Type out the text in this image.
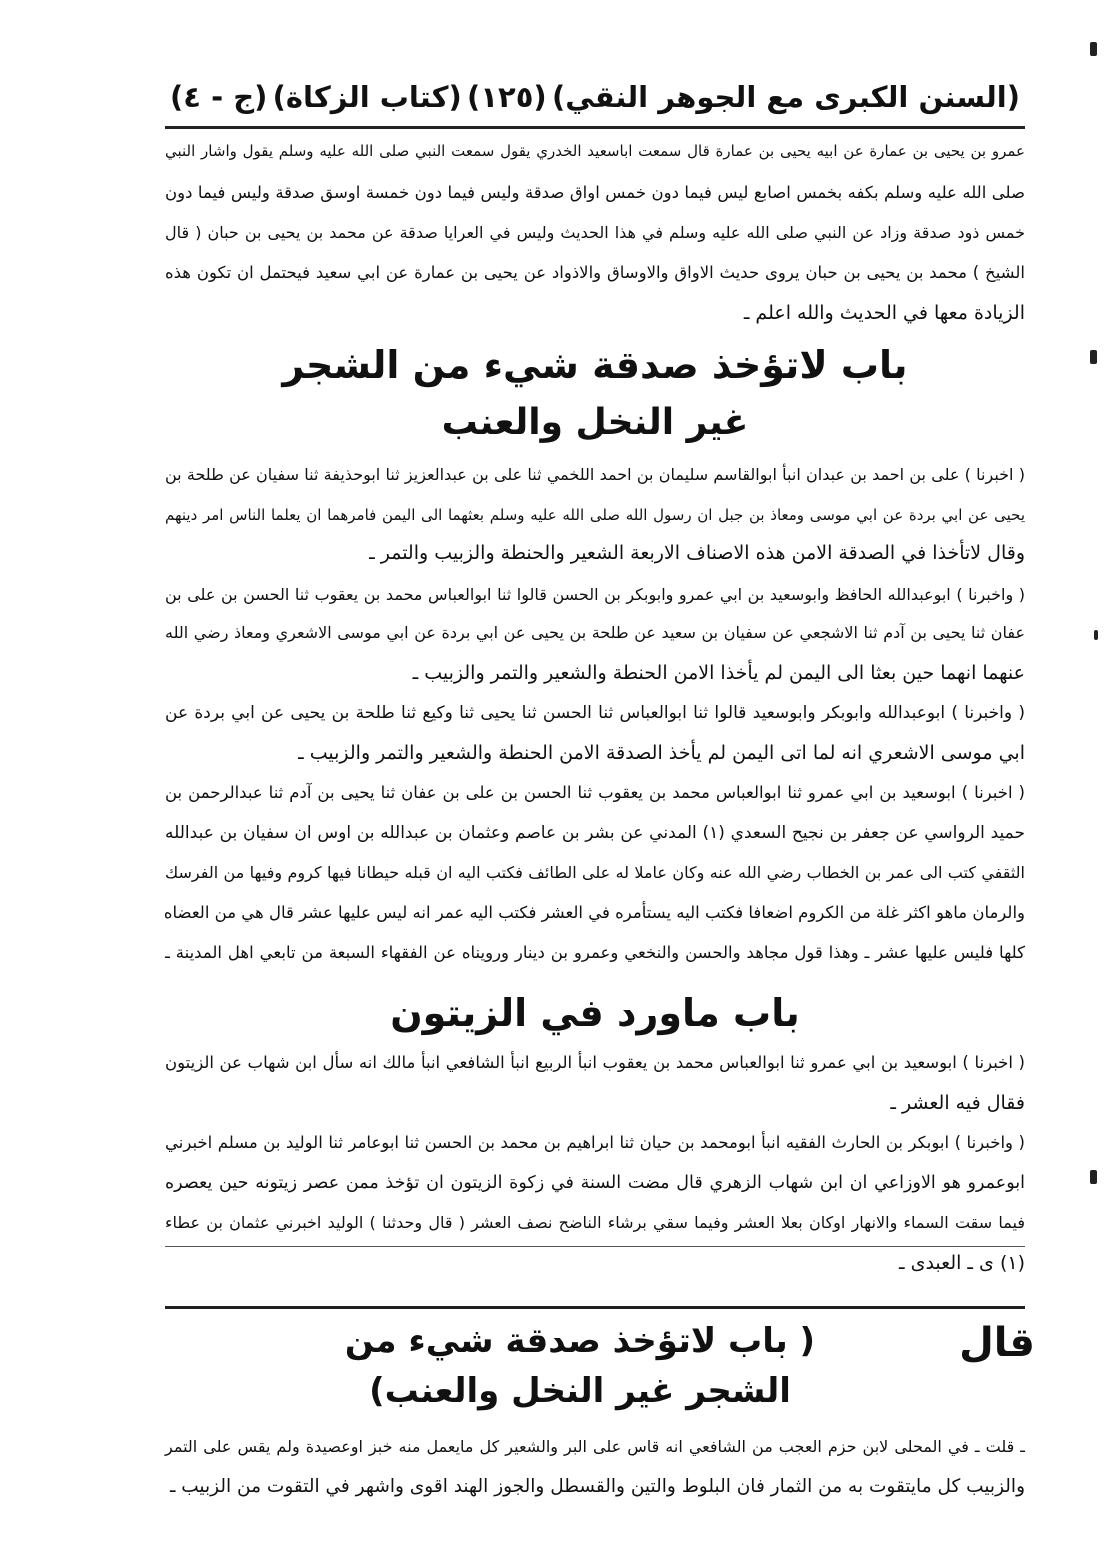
(السنن الكبرى مع الجوهر النقي)
(١٢٥)
(كتاب الزكاة)
(ج - ٤)
عمرو بن يحيى بن عمارة عن ابيه يحيى بن عمارة قال سمعت اباسعيد الخدري يقول سمعت النبي صلى الله عليه وسلم يقول واشار النبي
صلى الله عليه وسلم بكفه بخمس اصابع ليس فيما دون خمس اواق صدقة وليس فيما دون خمسة اوسق صدقة وليس فيما دون
خمس ذود صدقة وزاد عن النبي صلى الله عليه وسلم في هذا الحديث وليس في العرايا صدقة عن محمد بن يحيى بن حبان ( قال
الشيخ ) محمد بن يحيى بن حبان يروى حديث الاواق والاوساق والاذواد عن يحيى بن عمارة عن ابي سعيد فيحتمل ان تكون هذه
الزيادة معها في الحديث والله اعلم ـ
باب لاتؤخذ صدقة شيء من الشجر
غير النخل والعنب
( اخبرنا ) على بن احمد بن عبدان انبأ ابوالقاسم سليمان بن احمد اللخمي ثنا على بن عبدالعزيز ثنا ابوحذيفة ثنا سفيان عن طلحة بن
يحيى عن ابي بردة عن ابي موسى ومعاذ بن جبل ان رسول الله صلى الله عليه وسلم بعثهما الى اليمن فامرهما ان يعلما الناس امر دينهم
وقال لاتأخذا في الصدقة الامن هذه الاصناف الاربعة الشعير والحنطة والزبيب والتمر ـ
( واخبرنا ) ابوعبدالله الحافظ وابوسعيد بن ابي عمرو وابوبكر بن الحسن قالوا ثنا ابوالعباس محمد بن يعقوب ثنا الحسن بن على بن
عفان ثنا يحيى بن آدم ثنا الاشجعي عن سفيان بن سعيد عن طلحة بن يحيى عن ابي بردة عن ابي موسى الاشعري ومعاذ رضي الله
عنهما انهما حين بعثا الى اليمن لم يأخذا الامن الحنطة والشعير والتمر والزبيب ـ
( واخبرنا ) ابوعبدالله وابوبكر وابوسعيد قالوا ثنا ابوالعباس ثنا الحسن ثنا يحيى ثنا وكيع ثنا طلحة بن يحيى عن ابي بردة عن
ابي موسى الاشعري انه لما اتى اليمن لم يأخذ الصدقة الامن الحنطة والشعير والتمر والزبيب ـ
( اخبرنا ) ابوسعيد بن ابي عمرو ثنا ابوالعباس محمد بن يعقوب ثنا الحسن بن على بن عفان ثنا يحيى بن آدم ثنا عبدالرحمن بن
حميد الرواسي عن جعفر بن نجيح السعدي (١) المدني عن بشر بن عاصم وعثمان بن عبدالله بن اوس ان سفيان بن عبدالله
الثقفي كتب الى عمر بن الخطاب رضي الله عنه وكان عاملا له على الطائف فكتب اليه ان قبله حيطانا فيها كروم وفيها من الفرسك
والرمان ماهو اكثر غلة من الكروم اضعافا فكتب اليه يستأمره في العشر فكتب اليه عمر انه ليس عليها عشر قال هي من العضاه
كلها فليس عليها عشر ـ وهذا قول مجاهد والحسن والنخعي وعمرو بن دينار ورويناه عن الفقهاء السبعة من تابعي اهل المدينة ـ
باب ماورد في الزيتون
( اخبرنا ) ابوسعيد بن ابي عمرو ثنا ابوالعباس محمد بن يعقوب انبأ الربيع انبأ الشافعي انبأ مالك انه سأل ابن شهاب عن الزيتون
فقال فيه العشر ـ
( واخبرنا ) ابوبكر بن الحارث الفقيه انبأ ابومحمد بن حيان ثنا ابراهيم بن محمد بن الحسن ثنا ابوعامر ثنا الوليد بن مسلم اخبرني
ابوعمرو هو الاوزاعي ان ابن شهاب الزهري قال مضت السنة في زكوة الزيتون ان تؤخذ ممن عصر زيتونه حين يعصره
فيما سقت السماء والانهار اوكان بعلا العشر وفيما سقي برشاء الناضح نصف العشر ( قال وحدثنا ) الوليد اخبرني عثمان بن عطاء
(١) ى ـ العبدى ـ
قال
( باب لاتؤخذ صدقة شيء من
الشجر غير النخل والعنب)
ـ قلت ـ في المحلى لابن حزم العجب من الشافعي انه قاس على البر والشعير كل مايعمل منه خبز اوعصيدة ولم يقس على التمر
والزبيب كل مايتقوت به من الثمار فان البلوط والتين والقسطل والجوز الهند اقوى واشهر في التقوت من الزبيب ـ
